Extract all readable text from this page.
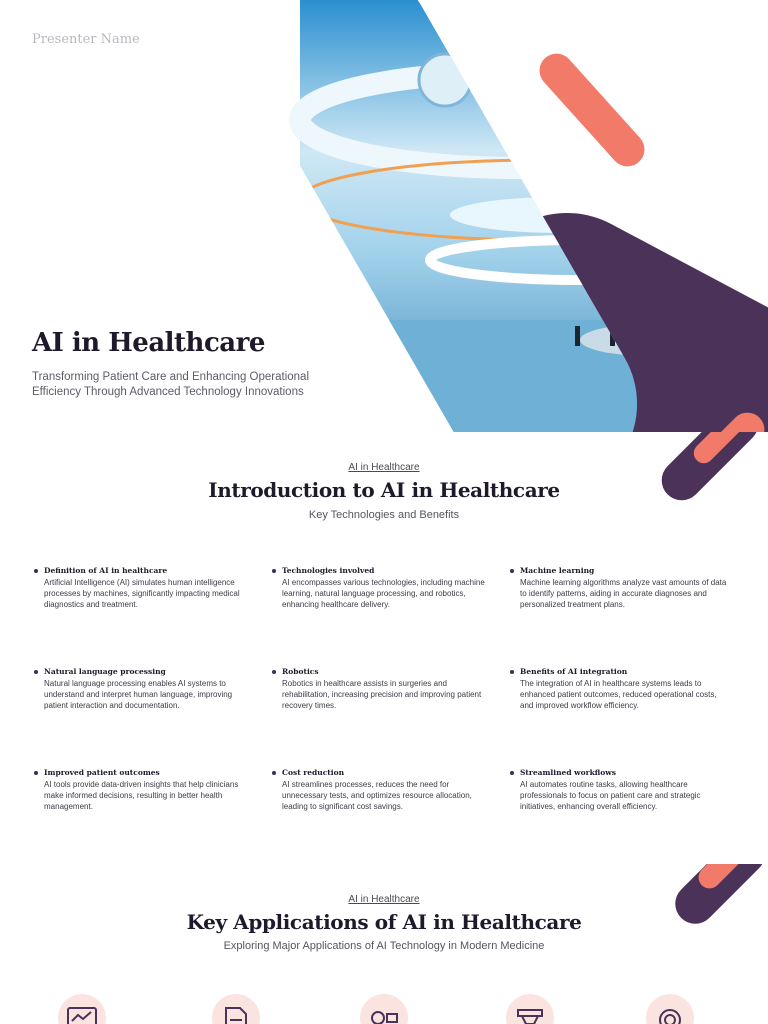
Presenter Name
AI in Healthcare
Transforming Patient Care and Enhancing Operational Efficiency Through Advanced Technology Innovations
AI in Healthcare
Introduction to AI in Healthcare
Key Technologies and Benefits
Definition of AI in healthcare
Artificial Intelligence (AI) simulates human intelligence processes by machines, significantly impacting medical diagnostics and treatment.
Technologies involved
AI encompasses various technologies, including machine learning, natural language processing, and robotics, enhancing healthcare delivery.
Machine learning
Machine learning algorithms analyze vast amounts of data to identify patterns, aiding in accurate diagnoses and personalized treatment plans.
Natural language processing
Natural language processing enables AI systems to understand and interpret human language, improving patient interaction and documentation.
Robotics
Robotics in healthcare assists in surgeries and rehabilitation, increasing precision and improving patient recovery times.
Benefits of AI integration
The integration of AI in healthcare systems leads to enhanced patient outcomes, reduced operational costs, and improved workflow efficiency.
Improved patient outcomes
AI tools provide data-driven insights that help clinicians make informed decisions, resulting in better health management.
Cost reduction
AI streamlines processes, reduces the need for unnecessary tests, and optimizes resource allocation, leading to significant cost savings.
Streamlined workflows
AI automates routine tasks, allowing healthcare professionals to focus on patient care and strategic initiatives, enhancing overall efficiency.
AI in Healthcare
Key Applications of AI in Healthcare
Exploring Major Applications of AI Technology in Modern Medicine
